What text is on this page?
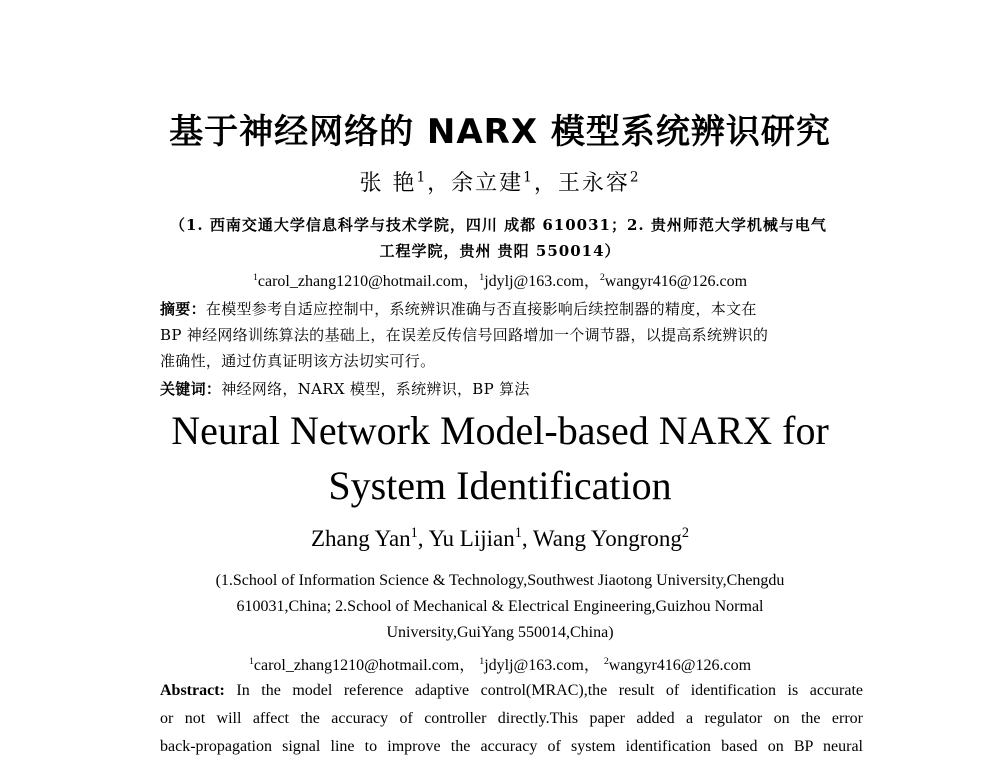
基于神经网络的 NARX 模型系统辨识研究
张 艳$^1$，余立建$^1$，王永容$^2$
（1. 西南交通大学信息科学与技术学院，四川 成都 610031；2. 贵州师范大学机械与电气
工程学院，贵州 贵阳 550014）
$^1$carol_zhang1210@hotmail.com，$^1$jdylj@163.com，$^2$wangyr416@126.com
摘要：在模型参考自适应控制中，系统辨识准确与否直接影响后续控制器的精度，本文在
BP 神经网络训练算法的基础上，在误差反传信号回路增加一个调节器，以提高系统辨识的
准确性，通过仿真证明该方法切实可行。
关键词：神经网络，NARX 模型，系统辨识，BP 算法
Neural Network Model-based NARX for
System Identification
Zhang Yan$^1$, Yu Lijian$^1$, Wang Yongrong$^2$
(1.School of Information Science & Technology,Southwest Jiaotong University,Chengdu
610031,China; 2.School of Mechanical & Electrical Engineering,Guizhou Normal
University,GuiYang 550014,China)
$^1$carol_zhang1210@hotmail.com， $^1$jdylj@163.com， $^2$wangyr416@126.com
Abstract: In the model reference adaptive control(MRAC),the result of identification is accurate
or not will affect the accuracy of controller directly.This paper added a regulator on the error
back-propagation signal line to improve the accuracy of system identification based on BP neural
